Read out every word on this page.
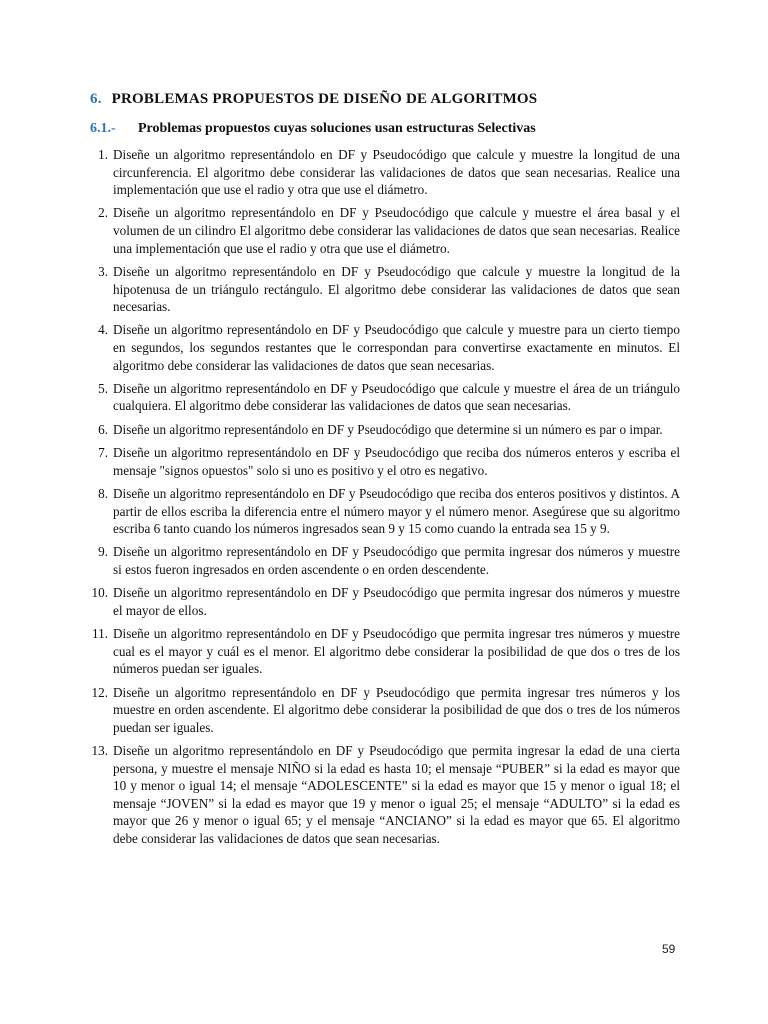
6. PROBLEMAS PROPUESTOS DE DISEÑO DE ALGORITMOS
6.1.- Problemas propuestos cuyas soluciones usan estructuras Selectivas
1. Diseñe un algoritmo representándolo en DF y Pseudocódigo que calcule y muestre la longitud de una circunferencia. El algoritmo debe considerar las validaciones de datos que sean necesarias. Realice una implementación que use el radio y otra que use el diámetro.
2. Diseñe un algoritmo representándolo en DF y Pseudocódigo que calcule y muestre el área basal y el volumen de un cilindro El algoritmo debe considerar las validaciones de datos que sean necesarias. Realice una implementación que use el radio y otra que use el diámetro.
3. Diseñe un algoritmo representándolo en DF y Pseudocódigo que calcule y muestre la longitud de la hipotenusa de un triángulo rectángulo. El algoritmo debe considerar las validaciones de datos que sean necesarias.
4. Diseñe un algoritmo representándolo en DF y Pseudocódigo que calcule y muestre para un cierto tiempo en segundos, los segundos restantes que le correspondan para convertirse exactamente en minutos. El algoritmo debe considerar las validaciones de datos que sean necesarias.
5. Diseñe un algoritmo representándolo en DF y Pseudocódigo que calcule y muestre el área de un triángulo cualquiera. El algoritmo debe considerar las validaciones de datos que sean necesarias.
6. Diseñe un algoritmo representándolo en DF y Pseudocódigo que determine si un número es par o impar.
7. Diseñe un algoritmo representándolo en DF y Pseudocódigo que reciba dos números enteros y escriba el mensaje "signos opuestos" solo si uno es positivo y el otro es negativo.
8. Diseñe un algoritmo representándolo en DF y Pseudocódigo que reciba dos enteros positivos y distintos. A partir de ellos escriba la diferencia entre el número mayor y el número menor. Asegúrese que su algoritmo escriba 6 tanto cuando los números ingresados sean 9 y 15 como cuando la entrada sea 15 y 9.
9. Diseñe un algoritmo representándolo en DF y Pseudocódigo que permita ingresar dos números y muestre si estos fueron ingresados en orden ascendente o en orden descendente.
10. Diseñe un algoritmo representándolo en DF y Pseudocódigo que permita ingresar dos números y muestre el mayor de ellos.
11. Diseñe un algoritmo representándolo en DF y Pseudocódigo que permita ingresar tres números y muestre cual es el mayor y cuál es el menor. El algoritmo debe considerar la posibilidad de que dos o tres de los números puedan ser iguales.
12. Diseñe un algoritmo representándolo en DF y Pseudocódigo que permita ingresar tres números y los muestre en orden ascendente. El algoritmo debe considerar la posibilidad de que dos o tres de los números puedan ser iguales.
13. Diseñe un algoritmo representándolo en DF y Pseudocódigo que permita ingresar la edad de una cierta persona, y muestre el mensaje NIÑO si la edad es hasta 10; el mensaje “PUBER” si la edad es mayor que 10 y menor o igual 14; el mensaje “ADOLESCENTE” si la edad es mayor que 15 y menor o igual 18; el mensaje “JOVEN” si la edad es mayor que 19 y menor o igual 25; el mensaje “ADULTO” si la edad es mayor que 26 y menor o igual 65; y el mensaje “ANCIANO” si la edad es mayor que 65. El algoritmo debe considerar las validaciones de datos que sean necesarias.
59
